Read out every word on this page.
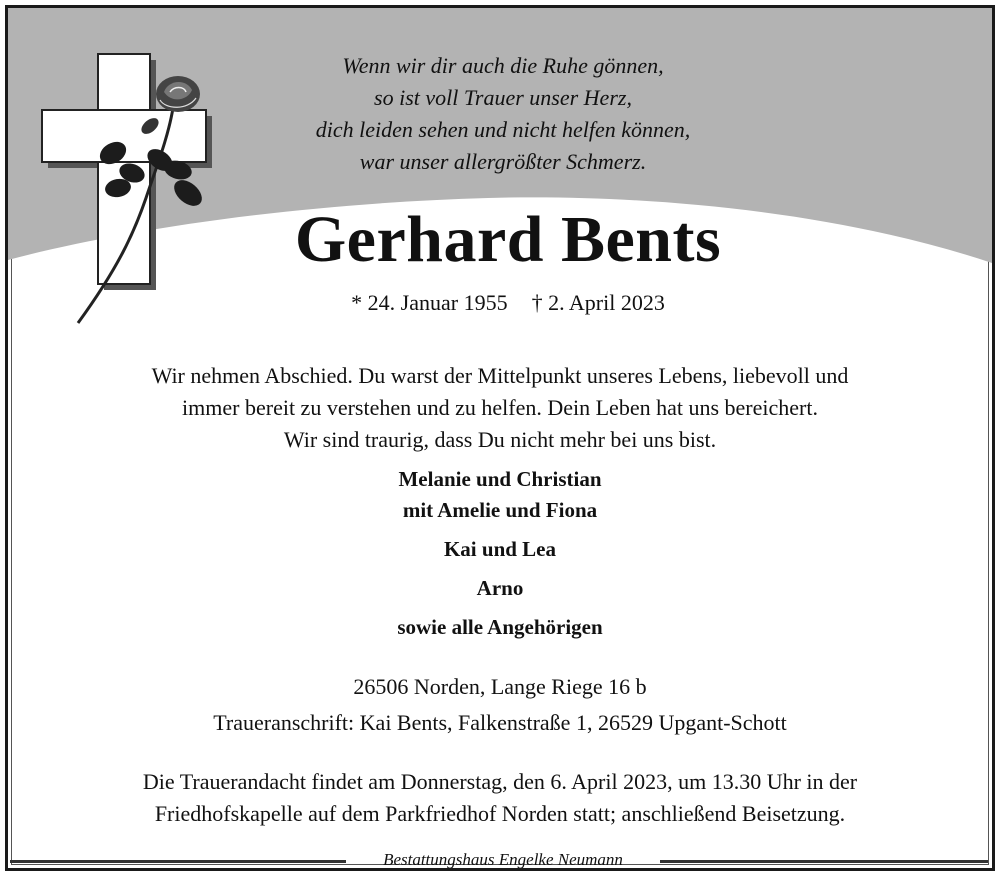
Wenn wir dir auch die Ruhe gönnen,
so ist voll Trauer unser Herz,
dich leiden sehen und nicht helfen können,
war unser allergrößter Schmerz.
Gerhard Bents
* 24. Januar 1955 † 2. April 2023
Wir nehmen Abschied. Du warst der Mittelpunkt unseres Lebens, liebevoll und
immer bereit zu verstehen und zu helfen. Dein Leben hat uns bereichert.
Wir sind traurig, dass Du nicht mehr bei uns bist.
Melanie und Christian
mit Amelie und Fiona
Kai und Lea
Arno
sowie alle Angehörigen
26506 Norden, Lange Riege 16 b
Traueranschrift: Kai Bents, Falkenstraße 1, 26529 Upgant-Schott
Die Trauerandacht findet am Donnerstag, den 6. April 2023, um 13.30 Uhr in der
Friedhofskapelle auf dem Parkfriedhof Norden statt; anschließend Beisetzung.
Bestattungshaus Engelke Neumann
